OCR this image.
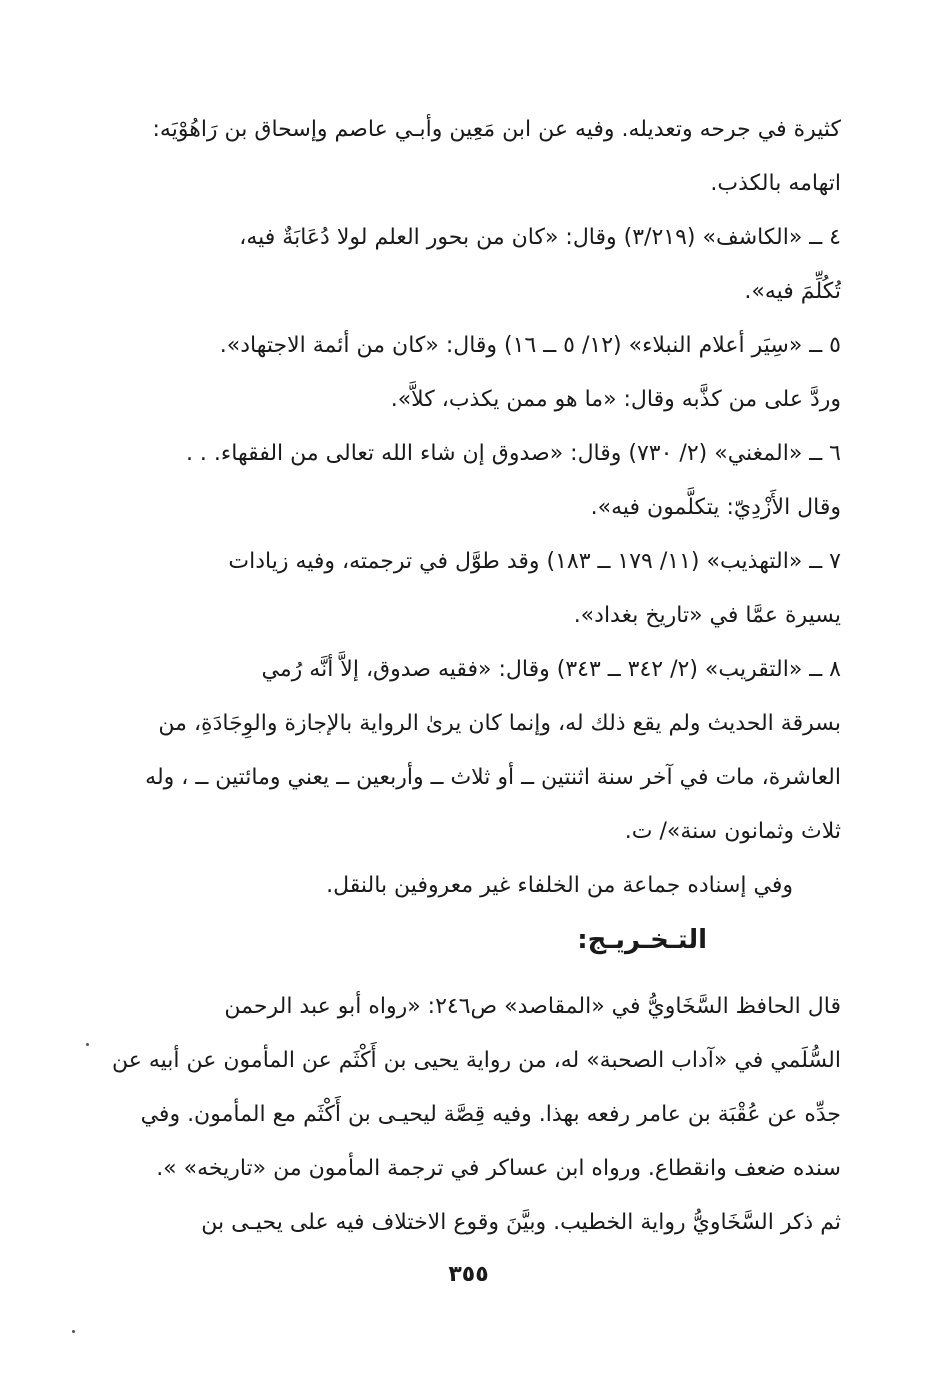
كثيرة في جرحه وتعديله. وفيه عن ابن مَعِين وأبـي عاصم وإسحاق بن رَاهُوْيَه:
اتهامه بالكذب.
٤ ــ «الكاشف» (٣/٢١٩) وقال: «كان من بحور العلم لولا دُعَابَةٌ فيه،
تُكُلِّمَ فيه».
٥ ــ «سِيَر أعلام النبلاء» (١٢/ ٥ ــ ١٦) وقال: «كان من أئمة الاجتهاد».
وردَّ على من كذَّبه وقال: «ما هو ممن يكذب، كلاَّ».
٦ ــ «المغني» (٢/ ٧٣٠) وقال: «صدوق إن شاء الله تعالى من الفقهاء. . .
وقال الأَزْدِيّ: يتكلَّمون فيه».
٧ ــ «التهذيب» (١١/ ١٧٩ ــ ١٨٣) وقد طوَّل في ترجمته، وفيه زيادات
يسيرة عمَّا في «تاريخ بغداد».
٨ ــ «التقريب» (٢/ ٣٤٢ ــ ٣٤٣) وقال: «فقيه صدوق، إلاَّ أنَّه رُمي
بسرقة الحديث ولم يقع ذلك له، وإنما كان يرىٰ الرواية بالإجازة والوِجَادَةِ، من
العاشرة، مات في آخر سنة اثنتين ــ أو ثلاث ــ وأربعين ــ يعني ومائتين ــ ، وله
ثلاث وثمانون سنة»/ ت.
وفي إسناده جماعة من الخلفاء غير معروفين بالنقل.
التـخـريـج:
قال الحافظ السَّخَاويُّ في «المقاصد» ص٢٤٦: «رواه أبو عبد الرحمن
السُّلَمي في «آداب الصحبة» له، من رواية يحيى بن أَكْثَم عن المأمون عن أبيه عن
جدِّه عن عُقْبَة بن عامر رفعه بهذا. وفيه قِصَّة ليحيـى بن أَكْثَم مع المأمون. وفي
سنده ضعف وانقطاع. ورواه ابن عساكر في ترجمة المأمون من «تاريخه» ».
ثم ذكر السَّخَاويُّ رواية الخطيب. وبيَّنَ وقوع الاختلاف فيه على يحيـى بن
٣٥٥
